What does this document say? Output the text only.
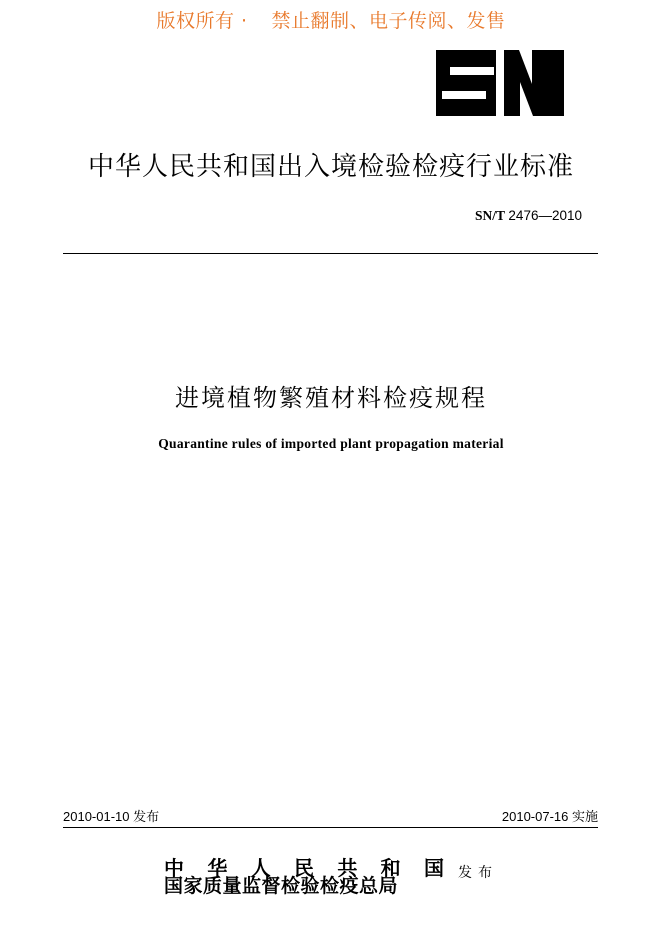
版权所有 · 禁止翻制、电子传阅、发售
中华人民共和国出入境检验检疫行业标准
SN/T 2476—2010
进境植物繁殖材料检疫规程
Quarantine rules of imported plant propagation material
2010-01-10 发布	2010-07-16 实施
中 华 人 民 共 和 国
国家质量监督检验检疫总局
发布
